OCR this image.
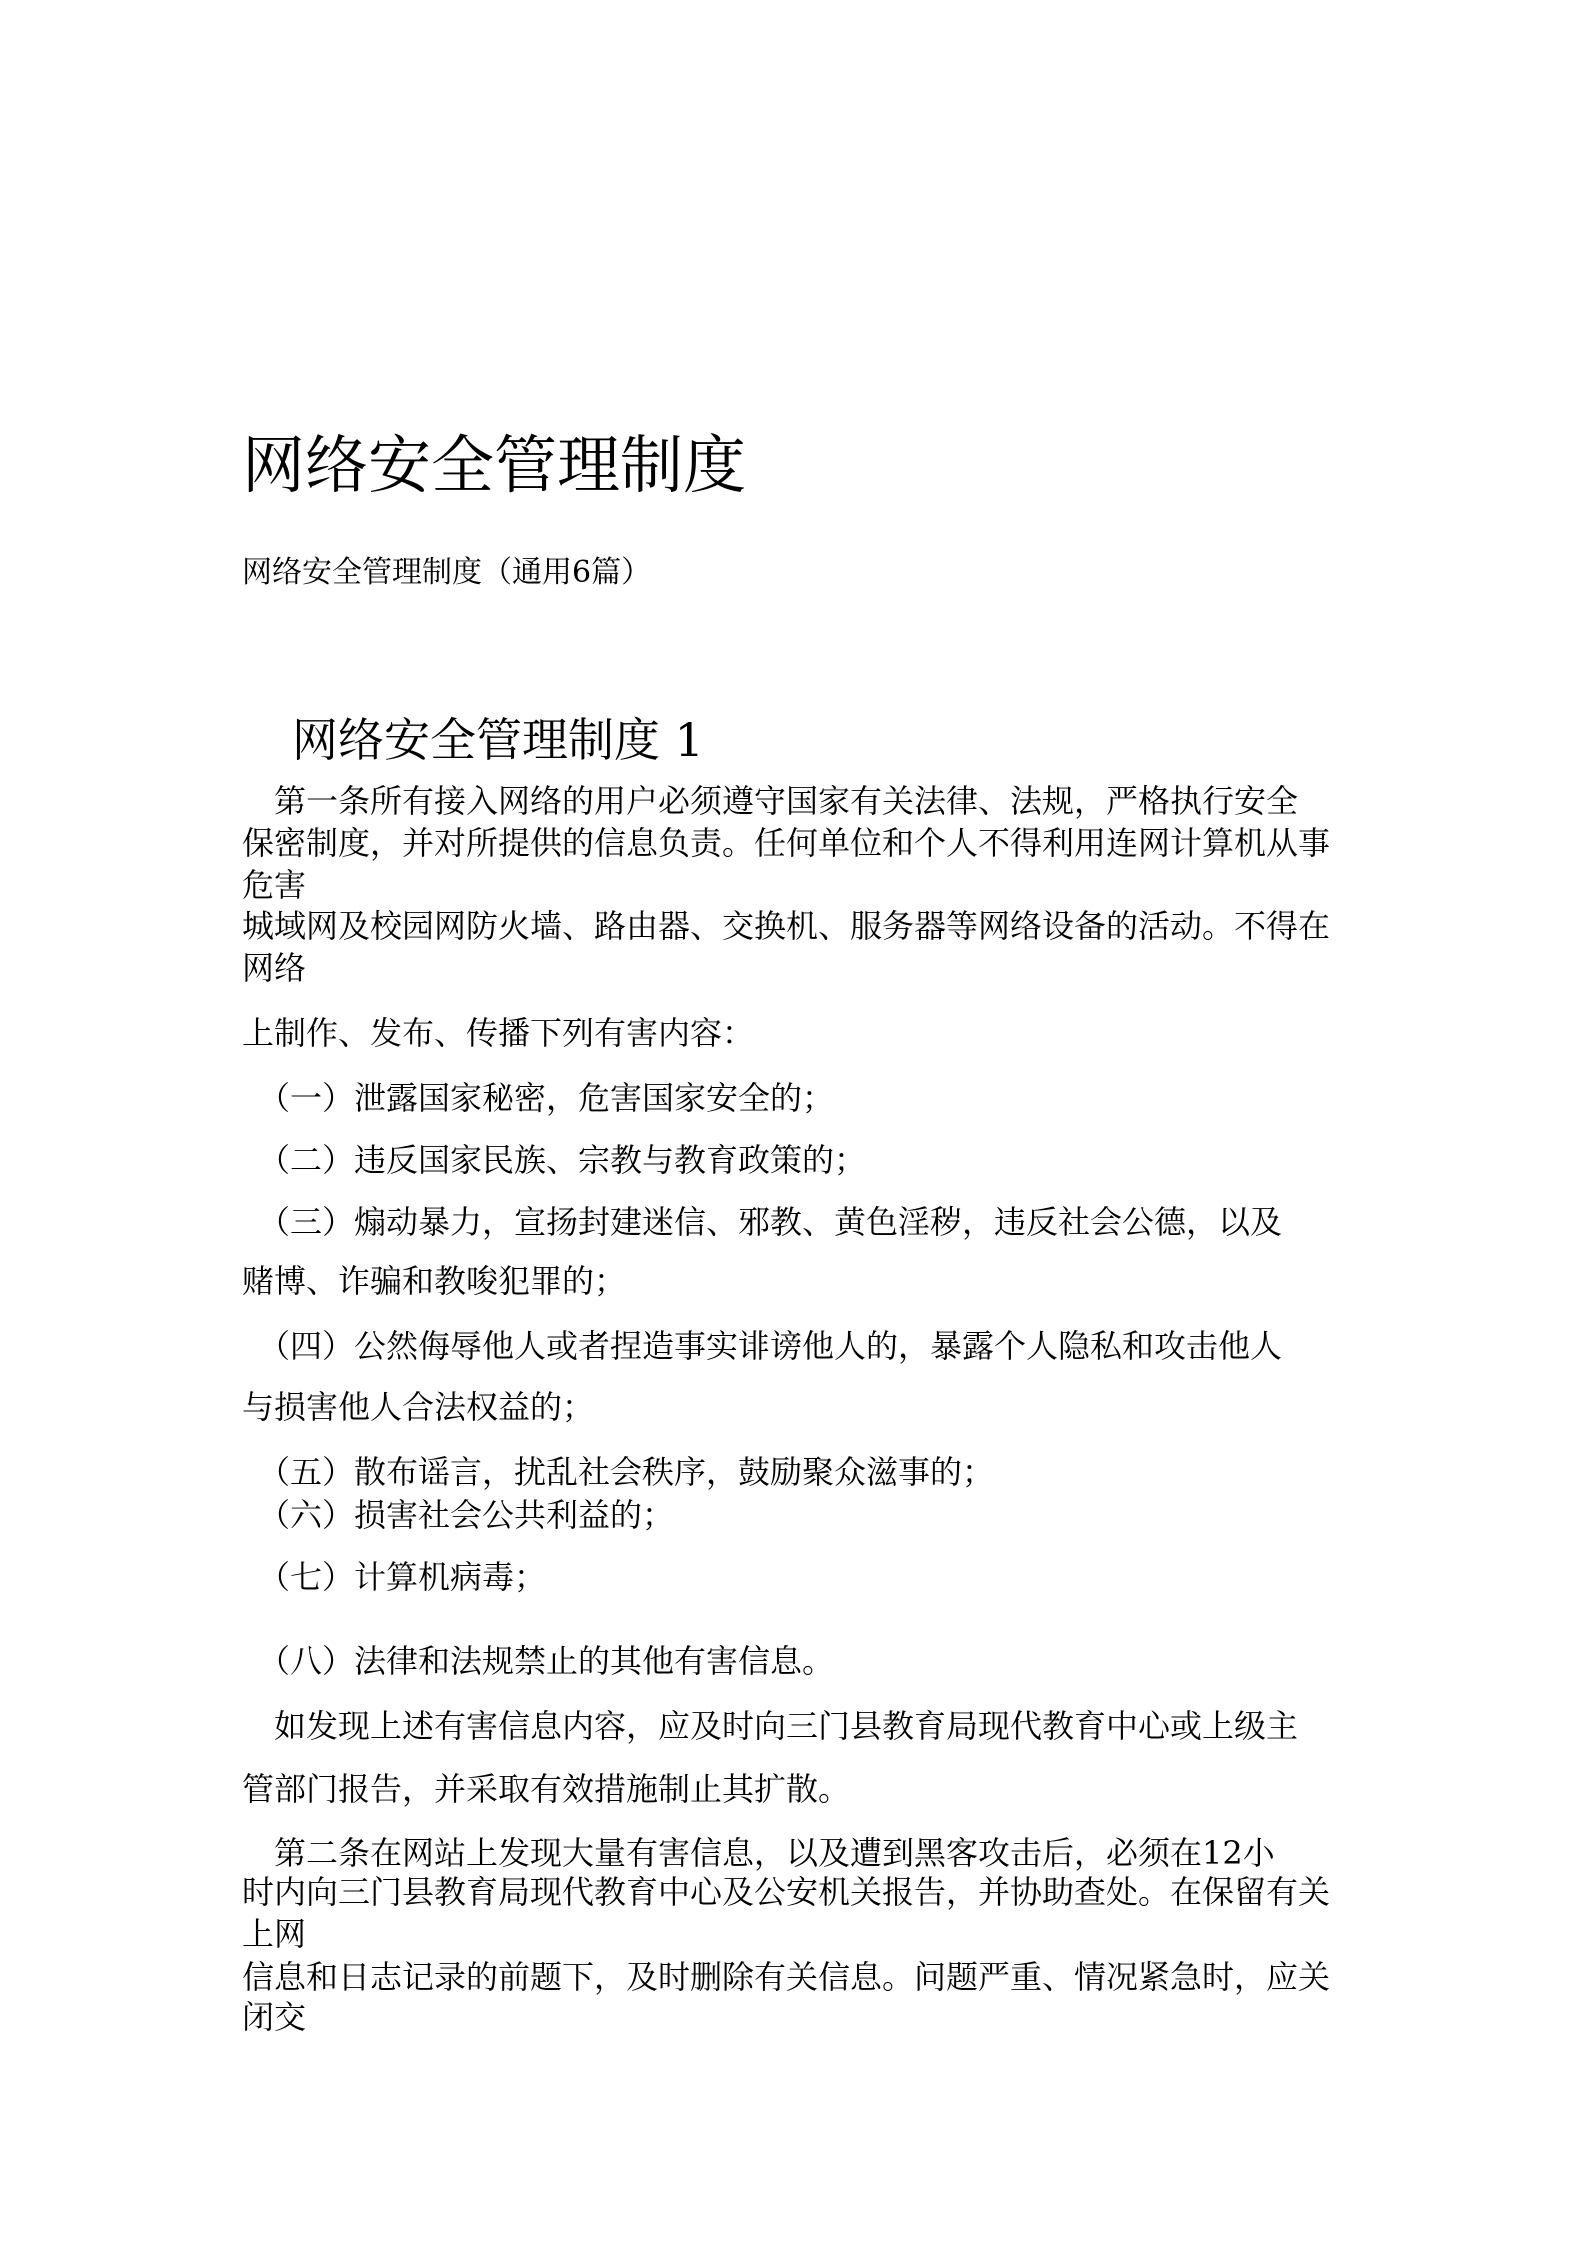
网络安全管理制度
网络安全管理制度（通用6篇）
网络安全管理制度 1
第一条所有接入网络的用户必须遵守国家有关法律、法规，严格执行安全
保密制度，并对所提供的信息负责。任何单位和个人不得利用连网计算机从事
危害
城域网及校园网防火墙、路由器、交换机、服务器等网络设备的活动。不得在
网络
上制作、发布、传播下列有害内容：
（一）泄露国家秘密，危害国家安全的；
（二）违反国家民族、宗教与教育政策的；
（三）煽动暴力，宣扬封建迷信、邪教、黄色淫秽，违反社会公德，以及
赌博、诈骗和教唆犯罪的；
（四）公然侮辱他人或者捏造事实诽谤他人的，暴露个人隐私和攻击他人
与损害他人合法权益的；
（五）散布谣言，扰乱社会秩序，鼓励聚众滋事的；
（六）损害社会公共利益的；
（七）计算机病毒；
（八）法律和法规禁止的其他有害信息。
如发现上述有害信息内容，应及时向三门县教育局现代教育中心或上级主
管部门报告，并采取有效措施制止其扩散。
第二条在网站上发现大量有害信息，以及遭到黑客攻击后，必须在12小
时内向三门县教育局现代教育中心及公安机关报告，并协助查处。在保留有关
上网
信息和日志记录的前题下，及时删除有关信息。问题严重、情况紧急时，应关
闭交
